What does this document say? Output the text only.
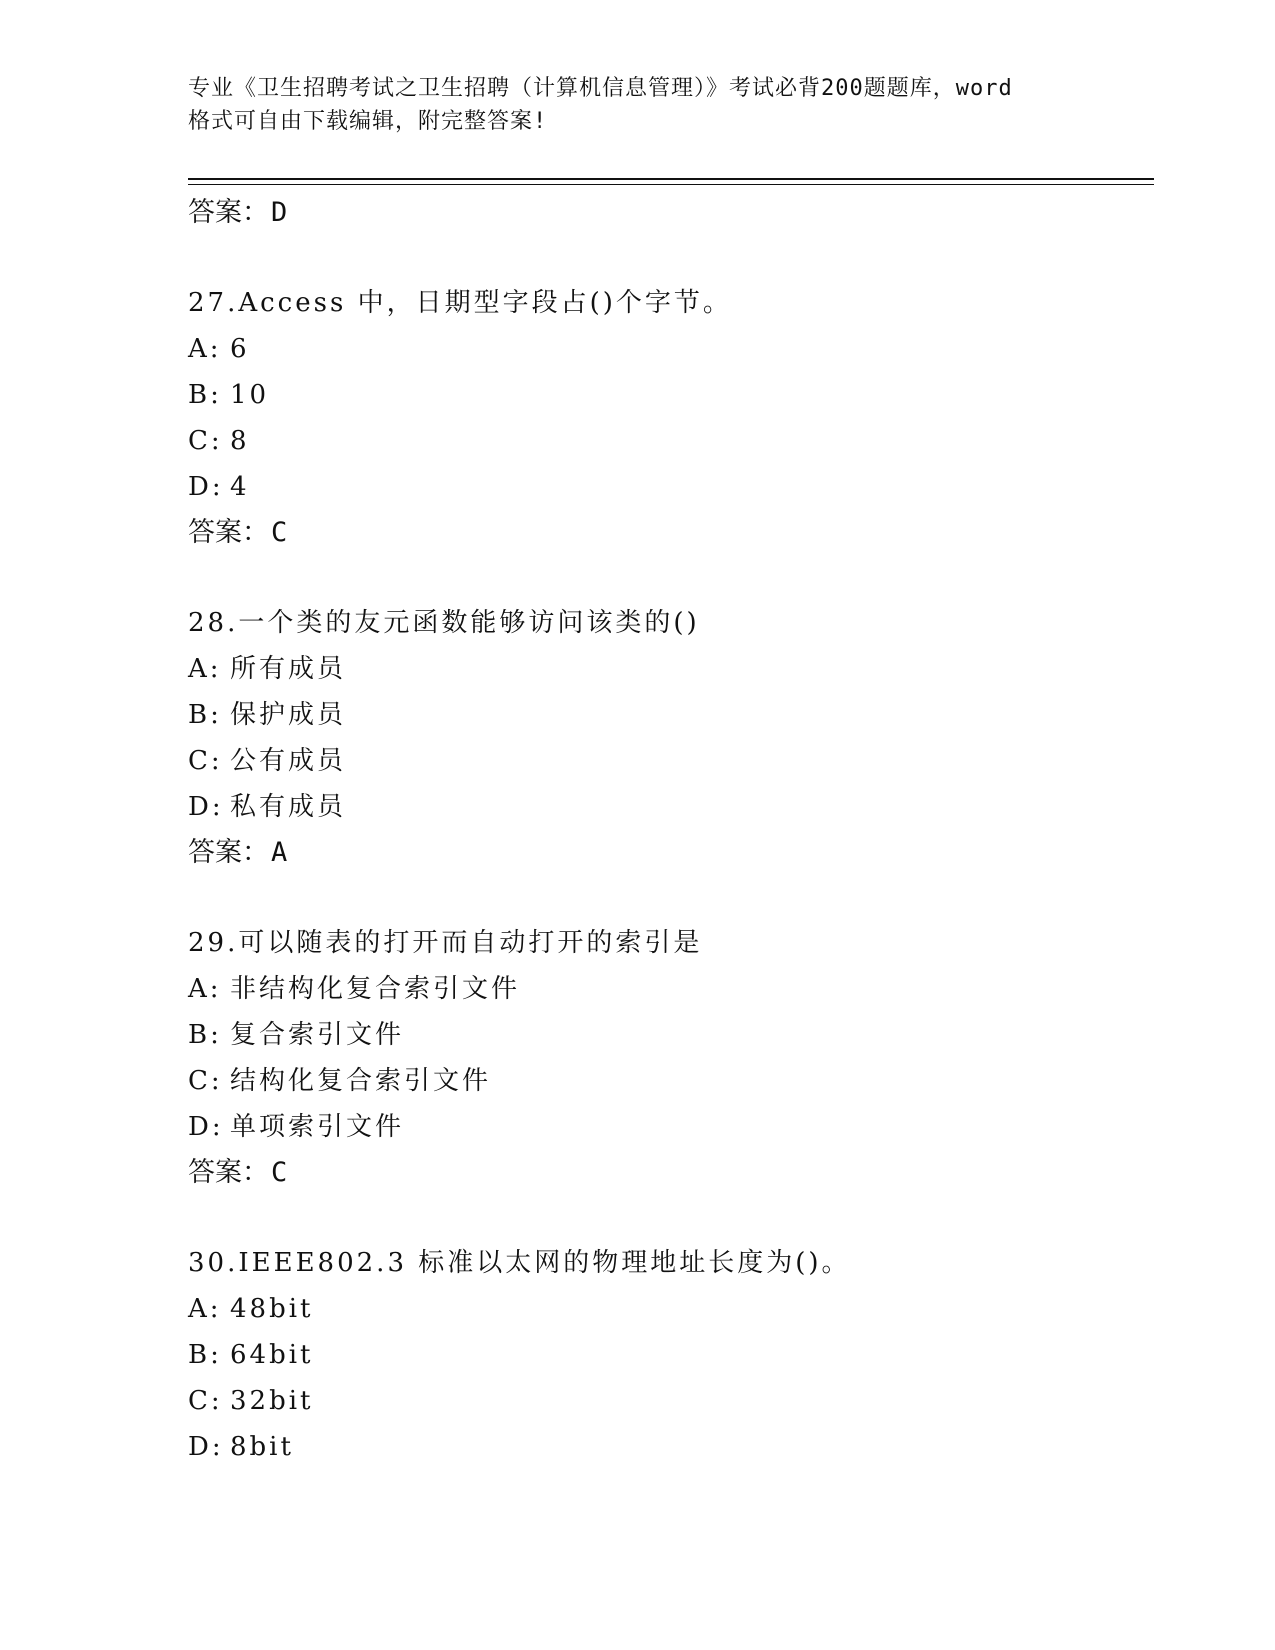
专业《卫生招聘考试之卫生招聘（计算机信息管理）》考试必背200题题库，word
格式可自由下载编辑，附完整答案!
答案：D
27.Access 中，日期型字段占()个字节。
A: 6
B: 10
C: 8
D: 4
答案：C
28.一个类的友元函数能够访问该类的()
A: 所有成员
B: 保护成员
C: 公有成员
D: 私有成员
答案：A
29.可以随表的打开而自动打开的索引是
A: 非结构化复合索引文件
B: 复合索引文件
C: 结构化复合索引文件
D: 单项索引文件
答案：C
30.IEEE802.3 标准以太网的物理地址长度为()。
A: 48bit
B: 64bit
C: 32bit
D: 8bit
